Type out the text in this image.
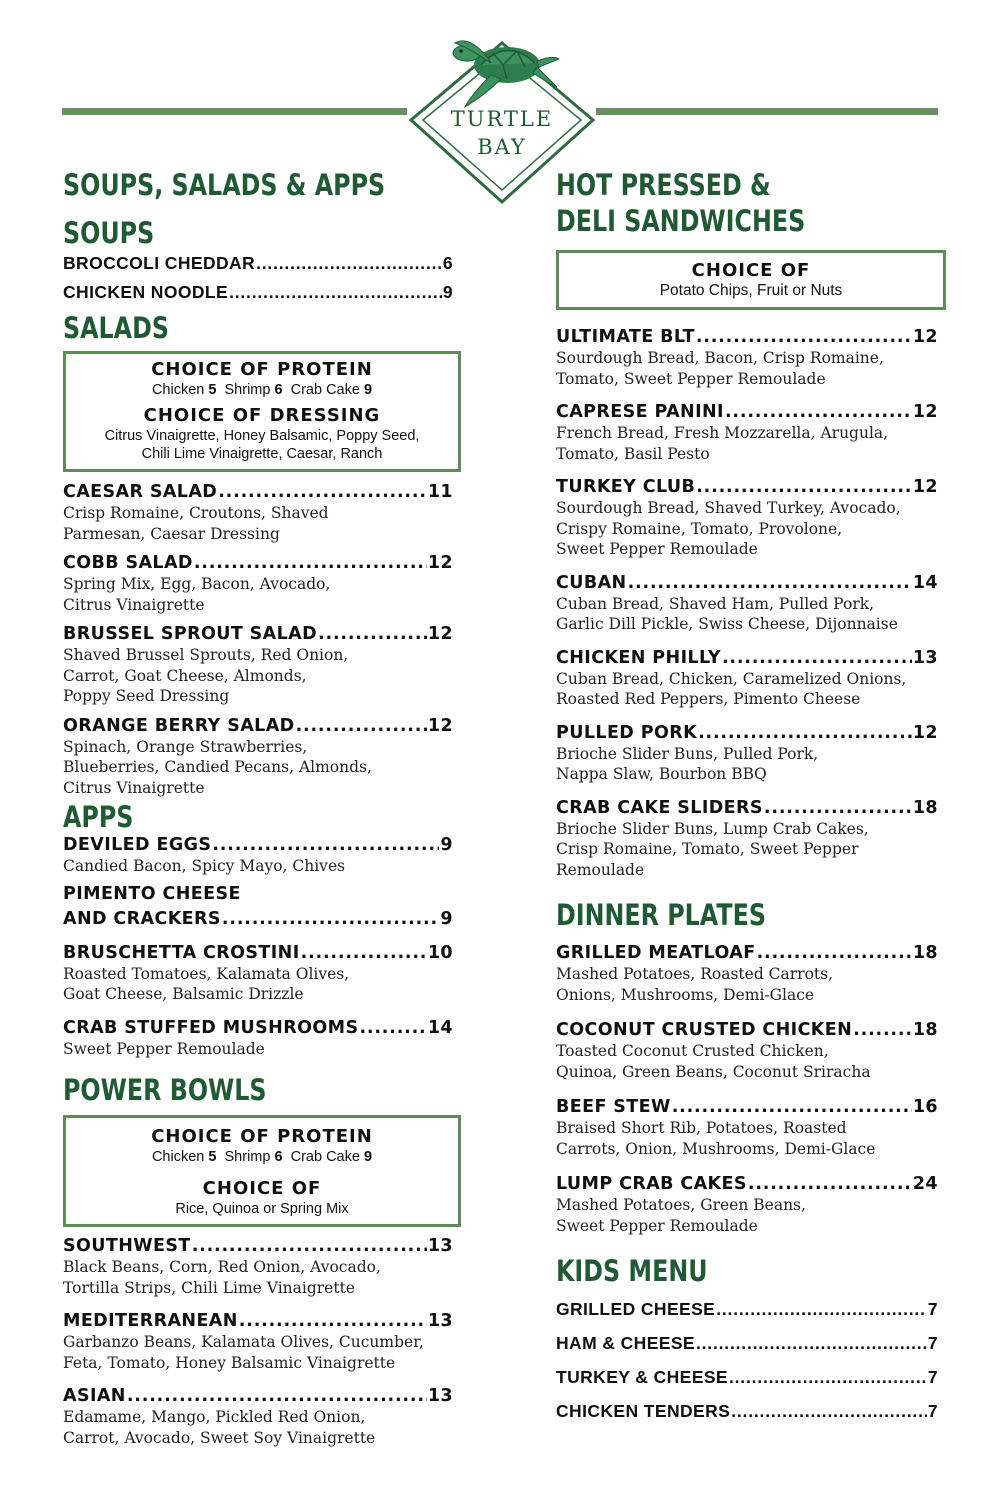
TURTLE
BAY
SOUPS, SALADS & APPS
SOUPS
BROCCOLI CHEDDAR .....	6
CHICKEN NOODLE .....	9
SALADS
CHOICE OF PROTEIN
Chicken 5 Shrimp 6 Crab Cake 9
CHOICE OF DRESSING
Citrus Vinaigrette, Honey Balsamic, Poppy Seed,
Chili Lime Vinaigrette, Caesar, Ranch
CAESAR SALAD .....	11
Crisp Romaine, Croutons, Shaved
Parmesan, Caesar Dressing
COBB SALAD .....	12
Spring Mix, Egg, Bacon, Avocado,
Citrus Vinaigrette
BRUSSEL SPROUT SALAD .....	12
Shaved Brussel Sprouts, Red Onion,
Carrot, Goat Cheese, Almonds,
Poppy Seed Dressing
ORANGE BERRY SALAD .....	12
Spinach, Orange Strawberries,
Blueberries, Candied Pecans, Almonds,
Citrus Vinaigrette
APPS
DEVILED EGGS .....	9
Candied Bacon, Spicy Mayo, Chives
PIMENTO CHEESE
AND CRACKERS .....	9
BRUSCHETTA CROSTINI .....	10
Roasted Tomatoes, Kalamata Olives,
Goat Cheese, Balsamic Drizzle
CRAB STUFFED MUSHROOMS .....	14
Sweet Pepper Remoulade
POWER BOWLS
CHOICE OF PROTEIN
Chicken 5 Shrimp 6 Crab Cake 9
CHOICE OF
Rice, Quinoa or Spring Mix
SOUTHWEST .....	13
Black Beans, Corn, Red Onion, Avocado,
Tortilla Strips, Chili Lime Vinaigrette
MEDITERRANEAN .....	13
Garbanzo Beans, Kalamata Olives, Cucumber,
Feta, Tomato, Honey Balsamic Vinaigrette
ASIAN .....	13
Edamame, Mango, Pickled Red Onion,
Carrot, Avocado, Sweet Soy Vinaigrette
HOT PRESSED &
DELI SANDWICHES
CHOICE OF
Potato Chips, Fruit or Nuts
ULTIMATE BLT .....	12
Sourdough Bread, Bacon, Crisp Romaine,
Tomato, Sweet Pepper Remoulade
CAPRESE PANINI .....	12
French Bread, Fresh Mozzarella, Arugula,
Tomato, Basil Pesto
TURKEY CLUB .....	12
Sourdough Bread, Shaved Turkey, Avocado,
Crispy Romaine, Tomato, Provolone,
Sweet Pepper Remoulade
CUBAN .....	14
Cuban Bread, Shaved Ham, Pulled Pork,
Garlic Dill Pickle, Swiss Cheese, Dijonnaise
CHICKEN PHILLY .....	13
Cuban Bread, Chicken, Caramelized Onions,
Roasted Red Peppers, Pimento Cheese
PULLED PORK .....	12
Brioche Slider Buns, Pulled Pork,
Nappa Slaw, Bourbon BBQ
CRAB CAKE SLIDERS .....	18
Brioche Slider Buns, Lump Crab Cakes,
Crisp Romaine, Tomato, Sweet Pepper
Remoulade
DINNER PLATES
GRILLED MEATLOAF .....	18
Mashed Potatoes, Roasted Carrots,
Onions, Mushrooms, Demi-Glace
COCONUT CRUSTED CHICKEN .....	18
Toasted Coconut Crusted Chicken,
Quinoa, Green Beans, Coconut Sriracha
BEEF STEW .....	16
Braised Short Rib, Potatoes, Roasted
Carrots, Onion, Mushrooms, Demi-Glace
LUMP CRAB CAKES .....	24
Mashed Potatoes, Green Beans,
Sweet Pepper Remoulade
KIDS MENU
GRILLED CHEESE .....	7
HAM & CHEESE .....	7
TURKEY & CHEESE .....	7
CHICKEN TENDERS .....	7
